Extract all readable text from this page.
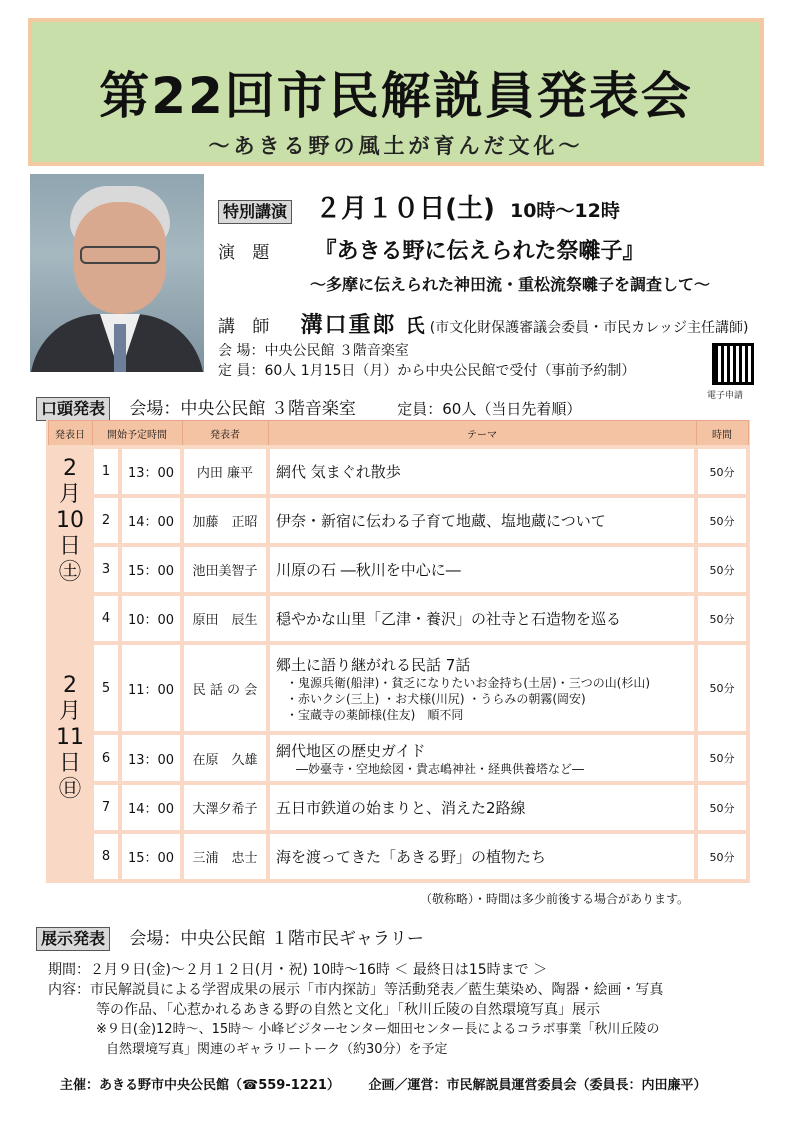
第22回市民解説員発表会
～あきる野の風土が育んだ文化～
特別講演 ２月１０日(土) 10時～12時
演 題 『あきる野に伝えられた祭囃子』
～多摩に伝えられた神田流・重松流祭囃子を調査して～
講 師 溝口重郎 氏 (市文化財保護審議会委員・市民カレッジ主任講師)
会 場：中央公民館 ３階音楽室
定 員：60人 1月15日（月）から中央公民館で受付（事前予約制）
電子申請
口頭発表 会場：中央公民館 ３階音楽室	定員：60人（当日先着順）
発表日	開始予定時間		発表者	テーマ	時間

2
月
10
日
㊏	1	13：00	内田 廉平	網代 気まぐれ散歩	50分
	2	14：00	加藤　正昭	伊奈・新宿に伝わる子育て地蔵、塩地蔵について	50分
	3	15：00	池田美智子	川原の石 ―秋川を中心に―	50分

2
月
11
日
㊐	4	10：00	原田　辰生	穏やかな山里「乙津・養沢」の社寺と石造物を巡る	50分
	5	11：00	民 話 の 会	郷土に語り継がれる民話 7話
・鬼源兵衛(船津)・貧乏になりたいお金持ち(土居)・三つの山(杉山)
・赤いクシ(三上) ・お犬様(川尻) ・うらみの朝霧(岡安)
・宝蔵寺の薬師様(住友)　順不同	50分
	6	13：00	在原　久雄	網代地区の歴史ガイド
―妙臺寺・空地絵図・貴志嶋神社・経典供養塔など―	50分
	7	14：00	大澤夕希子	五日市鉄道の始まりと、消えた2路線	50分
	8	15：00	三浦　忠士	海を渡ってきた「あきる野」の植物たち	50分
（敬称略）・時間は多少前後する場合があります。
展示発表 会場：中央公民館 １階市民ギャラリー
期間：２月９日(金)～２月１２日(月・祝) 10時～16時 ＜ 最終日は15時まで ＞
内容：市民解説員による学習成果の展示「市内探訪」等活動発表／藍生葉染め、陶器・絵画・写真
等の作品、「心惹かれるあきる野の自然と文化」「秋川丘陵の自然環境写真」展示
※９日(金)12時～、15時～ 小峰ビジターセンター畑田センター長によるコラボ事業「秋川丘陵の
自然環境写真」関連のギャラリートーク（約30分）を予定
主催：あきる野市中央公民館（☎559-1221） 企画／運営：市民解説員運営委員会（委員長：内田廉平）
